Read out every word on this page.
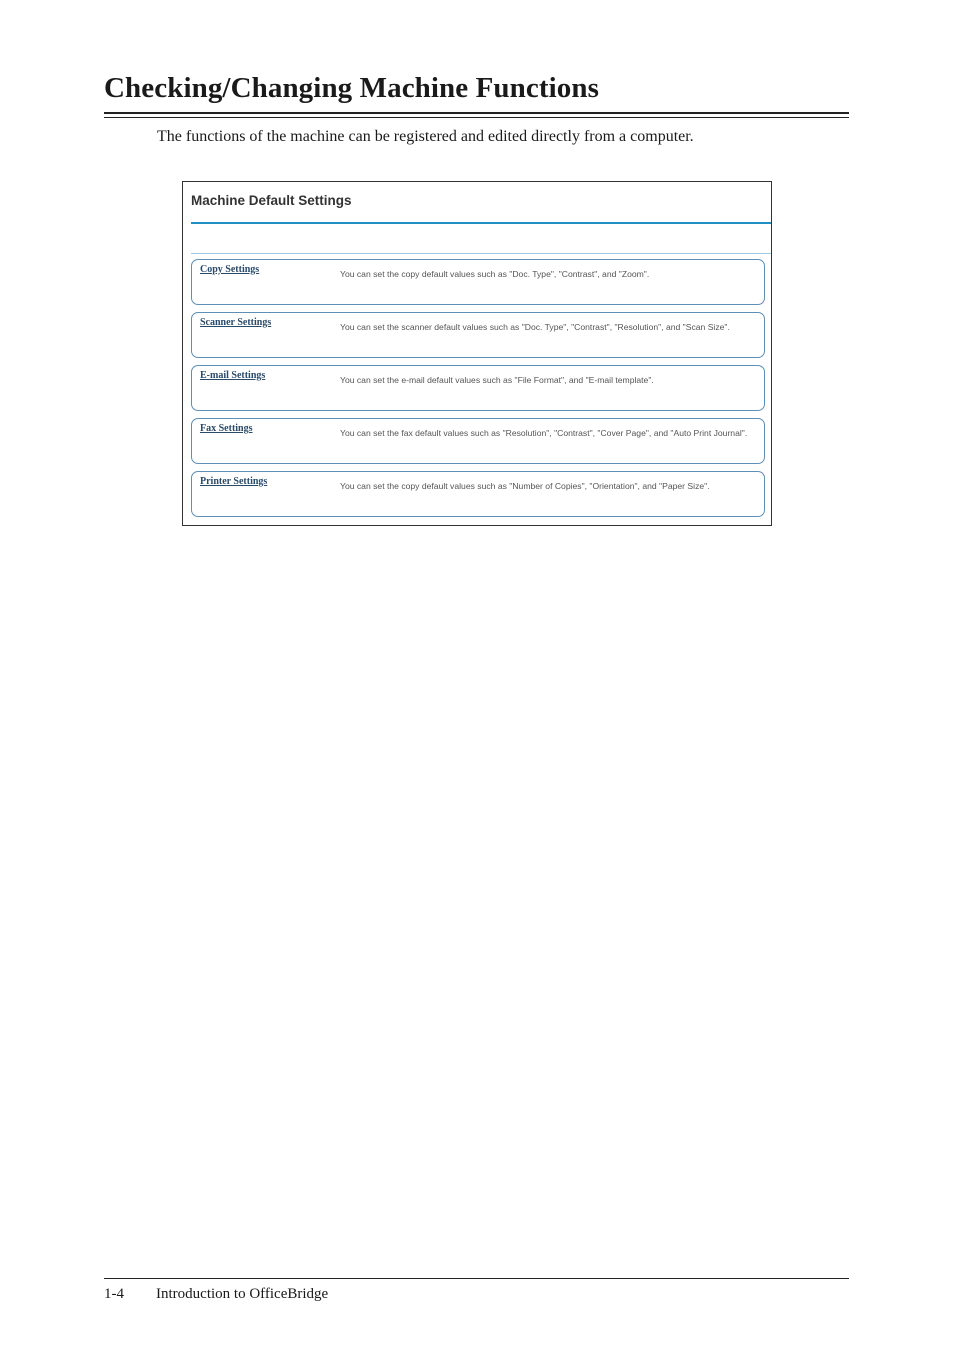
Checking/Changing Machine Functions

The functions of the machine can be registered and edited directly from a computer.

Machine Default Settings
Copy Settings	You can set the copy default values such as "Doc. Type", "Contrast", and "Zoom".
Scanner Settings	You can set the scanner default values such as "Doc. Type", "Contrast", "Resolution", and "Scan Size".
E-mail Settings	You can set the e-mail default values such as "File Format", and "E-mail template".
Fax Settings	You can set the fax default values such as "Resolution", "Contrast", "Cover Page", and "Auto Print Journal".
Printer Settings	You can set the copy default values such as "Number of Copies", "Orientation", and "Paper Size".
1-4 Introduction to OfficeBridge
